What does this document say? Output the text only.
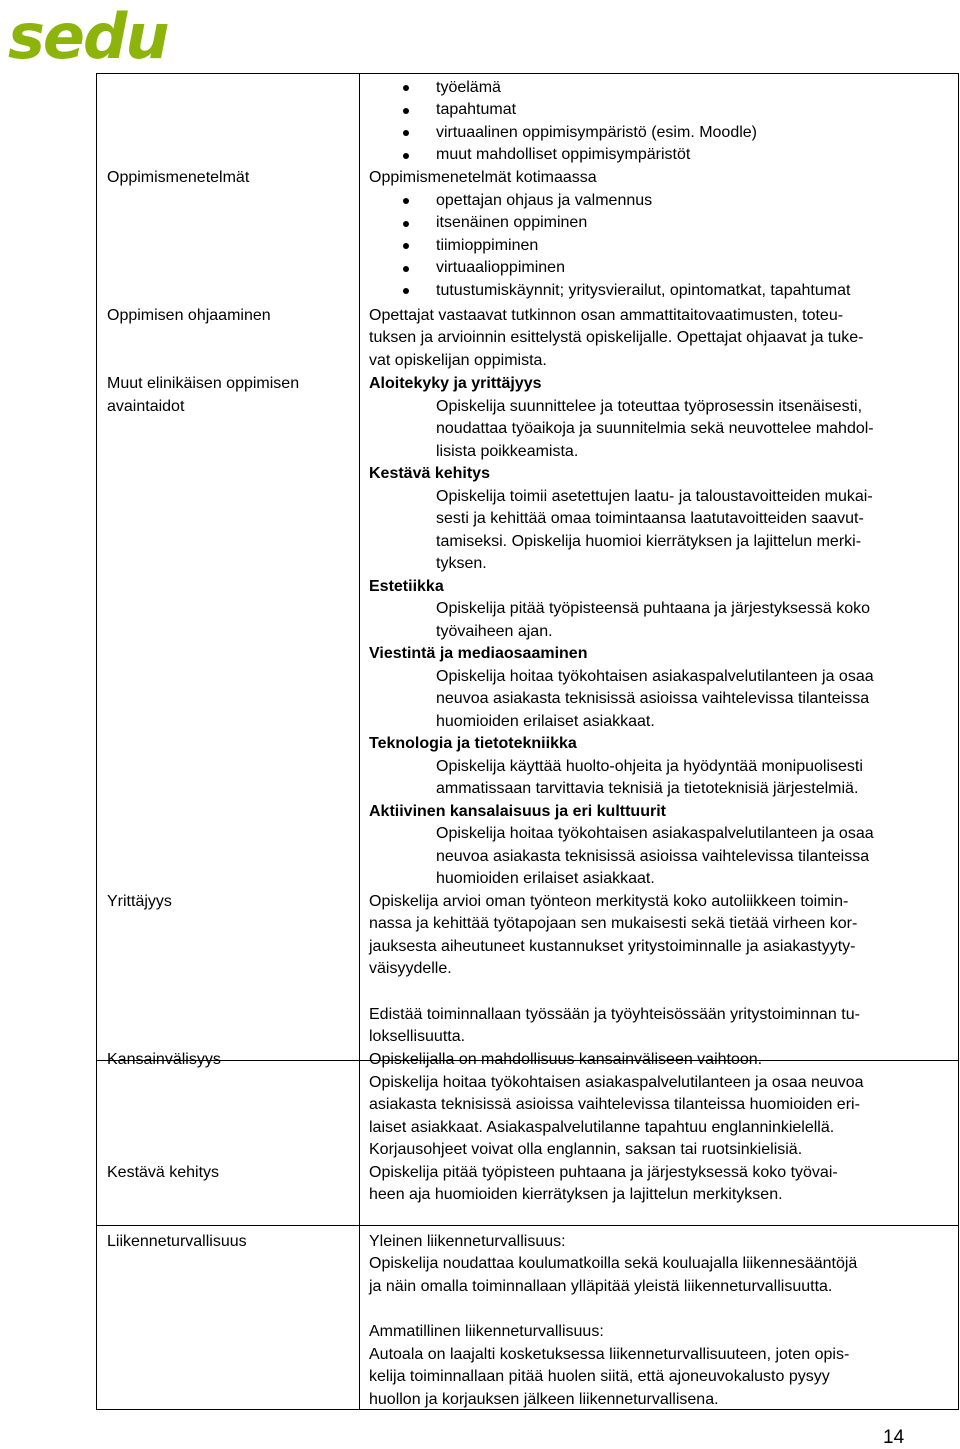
sedu
Oppimismenetelmät
Oppimisen ohjaaminen
Muut elinikäisen oppimisen
avaintaidot
Yrittäjyys
Kansainvälisyys
Kestävä kehitys
Liikenneturvallisuus
työelämä
tapahtumat
virtuaalinen oppimisympäristö (esim. Moodle)
muut mahdolliset oppimisympäristöt
Oppimismenetelmät kotimaassa
opettajan ohjaus ja valmennus
itsenäinen oppiminen
tiimioppiminen
virtuaalioppiminen
tutustumiskäynnit; yritysvierailut, opintomatkat, tapahtumat
Opettajat vastaavat tutkinnon osan ammattitaitovaatimusten, toteu-
tuksen ja arvioinnin esittelystä opiskelijalle. Opettajat ohjaavat ja tuke-
vat opiskelijan oppimista.
Aloitekyky ja yrittäjyys
Opiskelija suunnittelee ja toteuttaa työprosessin itsenäisesti,
noudattaa työaikoja ja suunnitelmia sekä neuvottelee mahdol-
lisista poikkeamista.
Kestävä kehitys
Opiskelija toimii asetettujen laatu- ja taloustavoitteiden mukai-
sesti ja kehittää omaa toimintaansa laatutavoitteiden saavut-
tamiseksi. Opiskelija huomioi kierrätyksen ja lajittelun merki-
tyksen.
Estetiikka
Opiskelija pitää työpisteensä puhtaana ja järjestyksessä koko
työvaiheen ajan.
Viestintä ja mediaosaaminen
Opiskelija hoitaa työkohtaisen asiakaspalvelutilanteen ja osaa
neuvoa asiakasta teknisissä asioissa vaihtelevissa tilanteissa
huomioiden erilaiset asiakkaat.
Teknologia ja tietotekniikka
Opiskelija käyttää huolto-ohjeita ja hyödyntää monipuolisesti
ammatissaan tarvittavia teknisiä ja tietoteknisiä järjestelmiä.
Aktiivinen kansalaisuus ja eri kulttuurit
Opiskelija hoitaa työkohtaisen asiakaspalvelutilanteen ja osaa
neuvoa asiakasta teknisissä asioissa vaihtelevissa tilanteissa
huomioiden erilaiset asiakkaat.
Opiskelija arvioi oman työnteon merkitystä koko autoliikkeen toimin-
nassa ja kehittää työtapojaan sen mukaisesti sekä tietää virheen kor-
jauksesta aiheutuneet kustannukset yritystoiminnalle ja asiakastyyty-
väisyydelle.
Edistää toiminnallaan työssään ja työyhteisössään yritystoiminnan tu-
loksellisuutta.
Opiskelijalla on mahdollisuus kansainväliseen vaihtoon.
Opiskelija hoitaa työkohtaisen asiakaspalvelutilanteen ja osaa neuvoa
asiakasta teknisissä asioissa vaihtelevissa tilanteissa huomioiden eri-
laiset asiakkaat. Asiakaspalvelutilanne tapahtuu englanninkielellä.
Korjausohjeet voivat olla englannin, saksan tai ruotsinkielisiä.
Opiskelija pitää työpisteen puhtaana ja järjestyksessä koko työvai-
heen aja huomioiden kierrätyksen ja lajittelun merkityksen.
Yleinen liikenneturvallisuus:
Opiskelija noudattaa koulumatkoilla sekä kouluajalla liikennesääntöjä
ja näin omalla toiminnallaan ylläpitää yleistä liikenneturvallisuutta.
Ammatillinen liikenneturvallisuus:
Autoala on laajalti kosketuksessa liikenneturvallisuuteen, joten opis-
kelija toiminnallaan pitää huolen siitä, että ajoneuvokalusto pysyy
huollon ja korjauksen jälkeen liikenneturvallisena.
14
